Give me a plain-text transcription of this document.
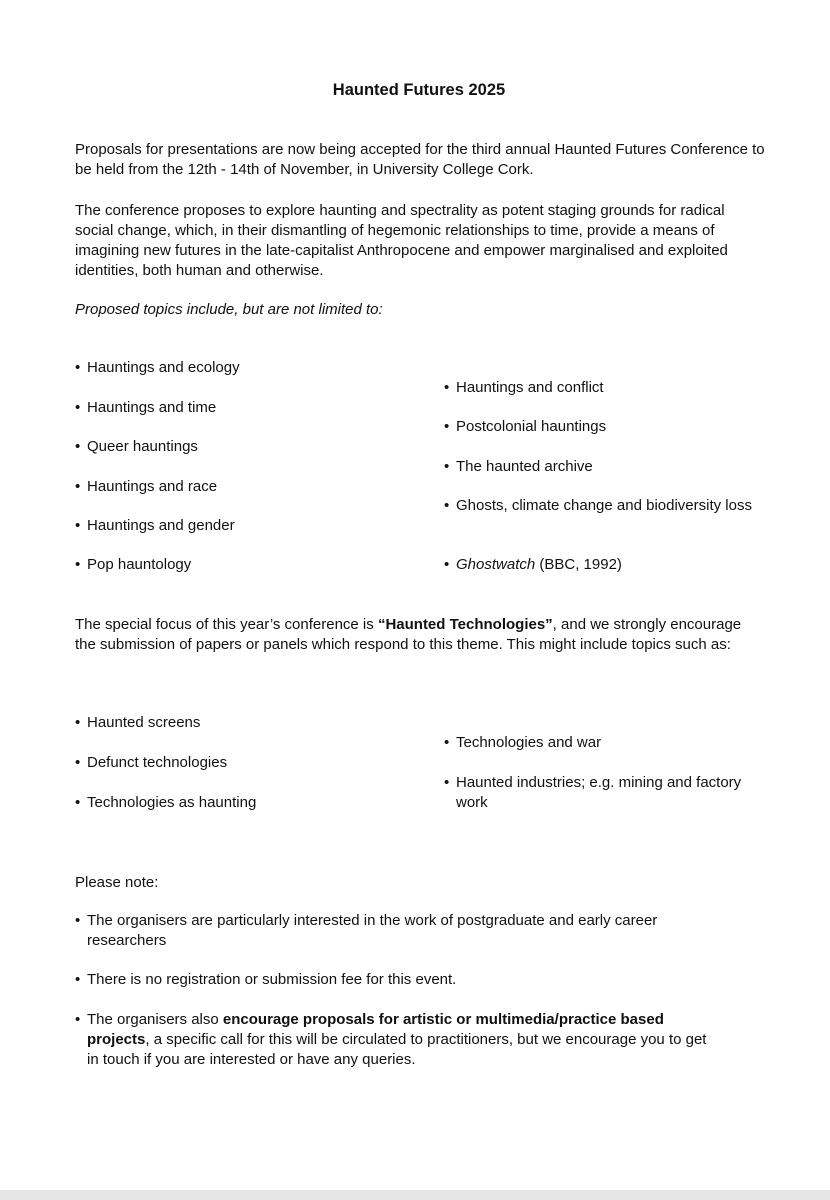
Haunted Futures 2025
Proposals for presentations are now being accepted for the third annual Haunted Futures Conference to be held from the 12th - 14th of November, in University College Cork.
The conference proposes to explore haunting and spectrality as potent staging grounds for radical social change, which, in their dismantling of hegemonic relationships to time, provide a means of imagining new futures in the late-capitalist Anthropocene and empower marginalised and exploited identities, both human and otherwise.
Proposed topics include, but are not limited to:
• Hauntings and ecology
• Hauntings and time
• Queer hauntings
• Hauntings and race
• Hauntings and gender
• Pop hauntology
• Hauntings and conflict
• Postcolonial hauntings
• The haunted archive
• Ghosts, climate change and biodiversity loss
• Ghostwatch (BBC, 1992)
The special focus of this year’s conference is “Haunted Technologies”, and we strongly encourage the submission of papers or panels which respond to this theme. This might include topics such as:
• Haunted screens
• Defunct technologies
• Technologies as haunting
• Technologies and war
• Haunted industries; e.g. mining and factory work
Please note:
• The organisers are particularly interested in the work of postgraduate and early career researchers
• There is no registration or submission fee for this event.
• The organisers also encourage proposals for artistic or multimedia/practice based projects, a specific call for this will be circulated to practitioners, but we encourage you to get in touch if you are interested or have any queries.
